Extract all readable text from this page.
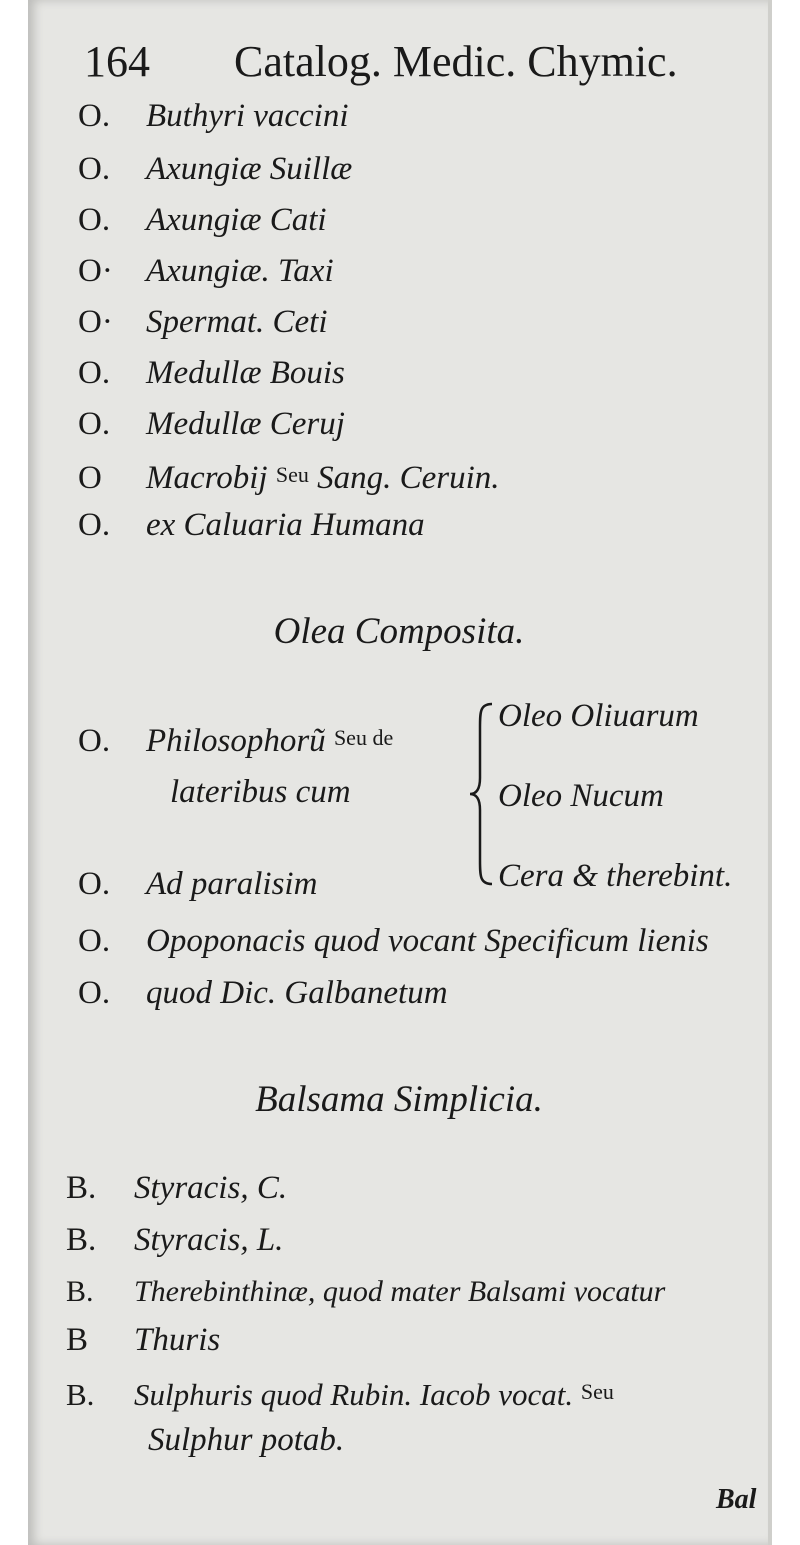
164 Catalog. Medic. Chymic.
O. Buthyri vaccini
O. Axungiæ Suillæ
O. Axungiæ Cati
O· Axungiæ. Taxi
O· Spermat. Ceti
O. Medullæ Bouis
O. Medullæ Ceruj
O Macrobij Seu Sang. Ceruin.
O. ex Caluaria Humana
Olea Composita.
O. Philosophorũ Seu de
lateribus cum
Oleo Oliuarum
Oleo Nucum
Cera & therebint.
O. Ad paralisim
O. Opoponacis quod vocant Specificum lienis
O. quod Dic. Galbanetum
Balsama Simplicia.
B. Styracis, C.
B. Styracis, L.
B. Therebinthinæ, quod mater Balsami vocatur
B Thuris
B. Sulphuris quod Rubin. Iacob vocat. Seu
Sulphur potab.
Bal
